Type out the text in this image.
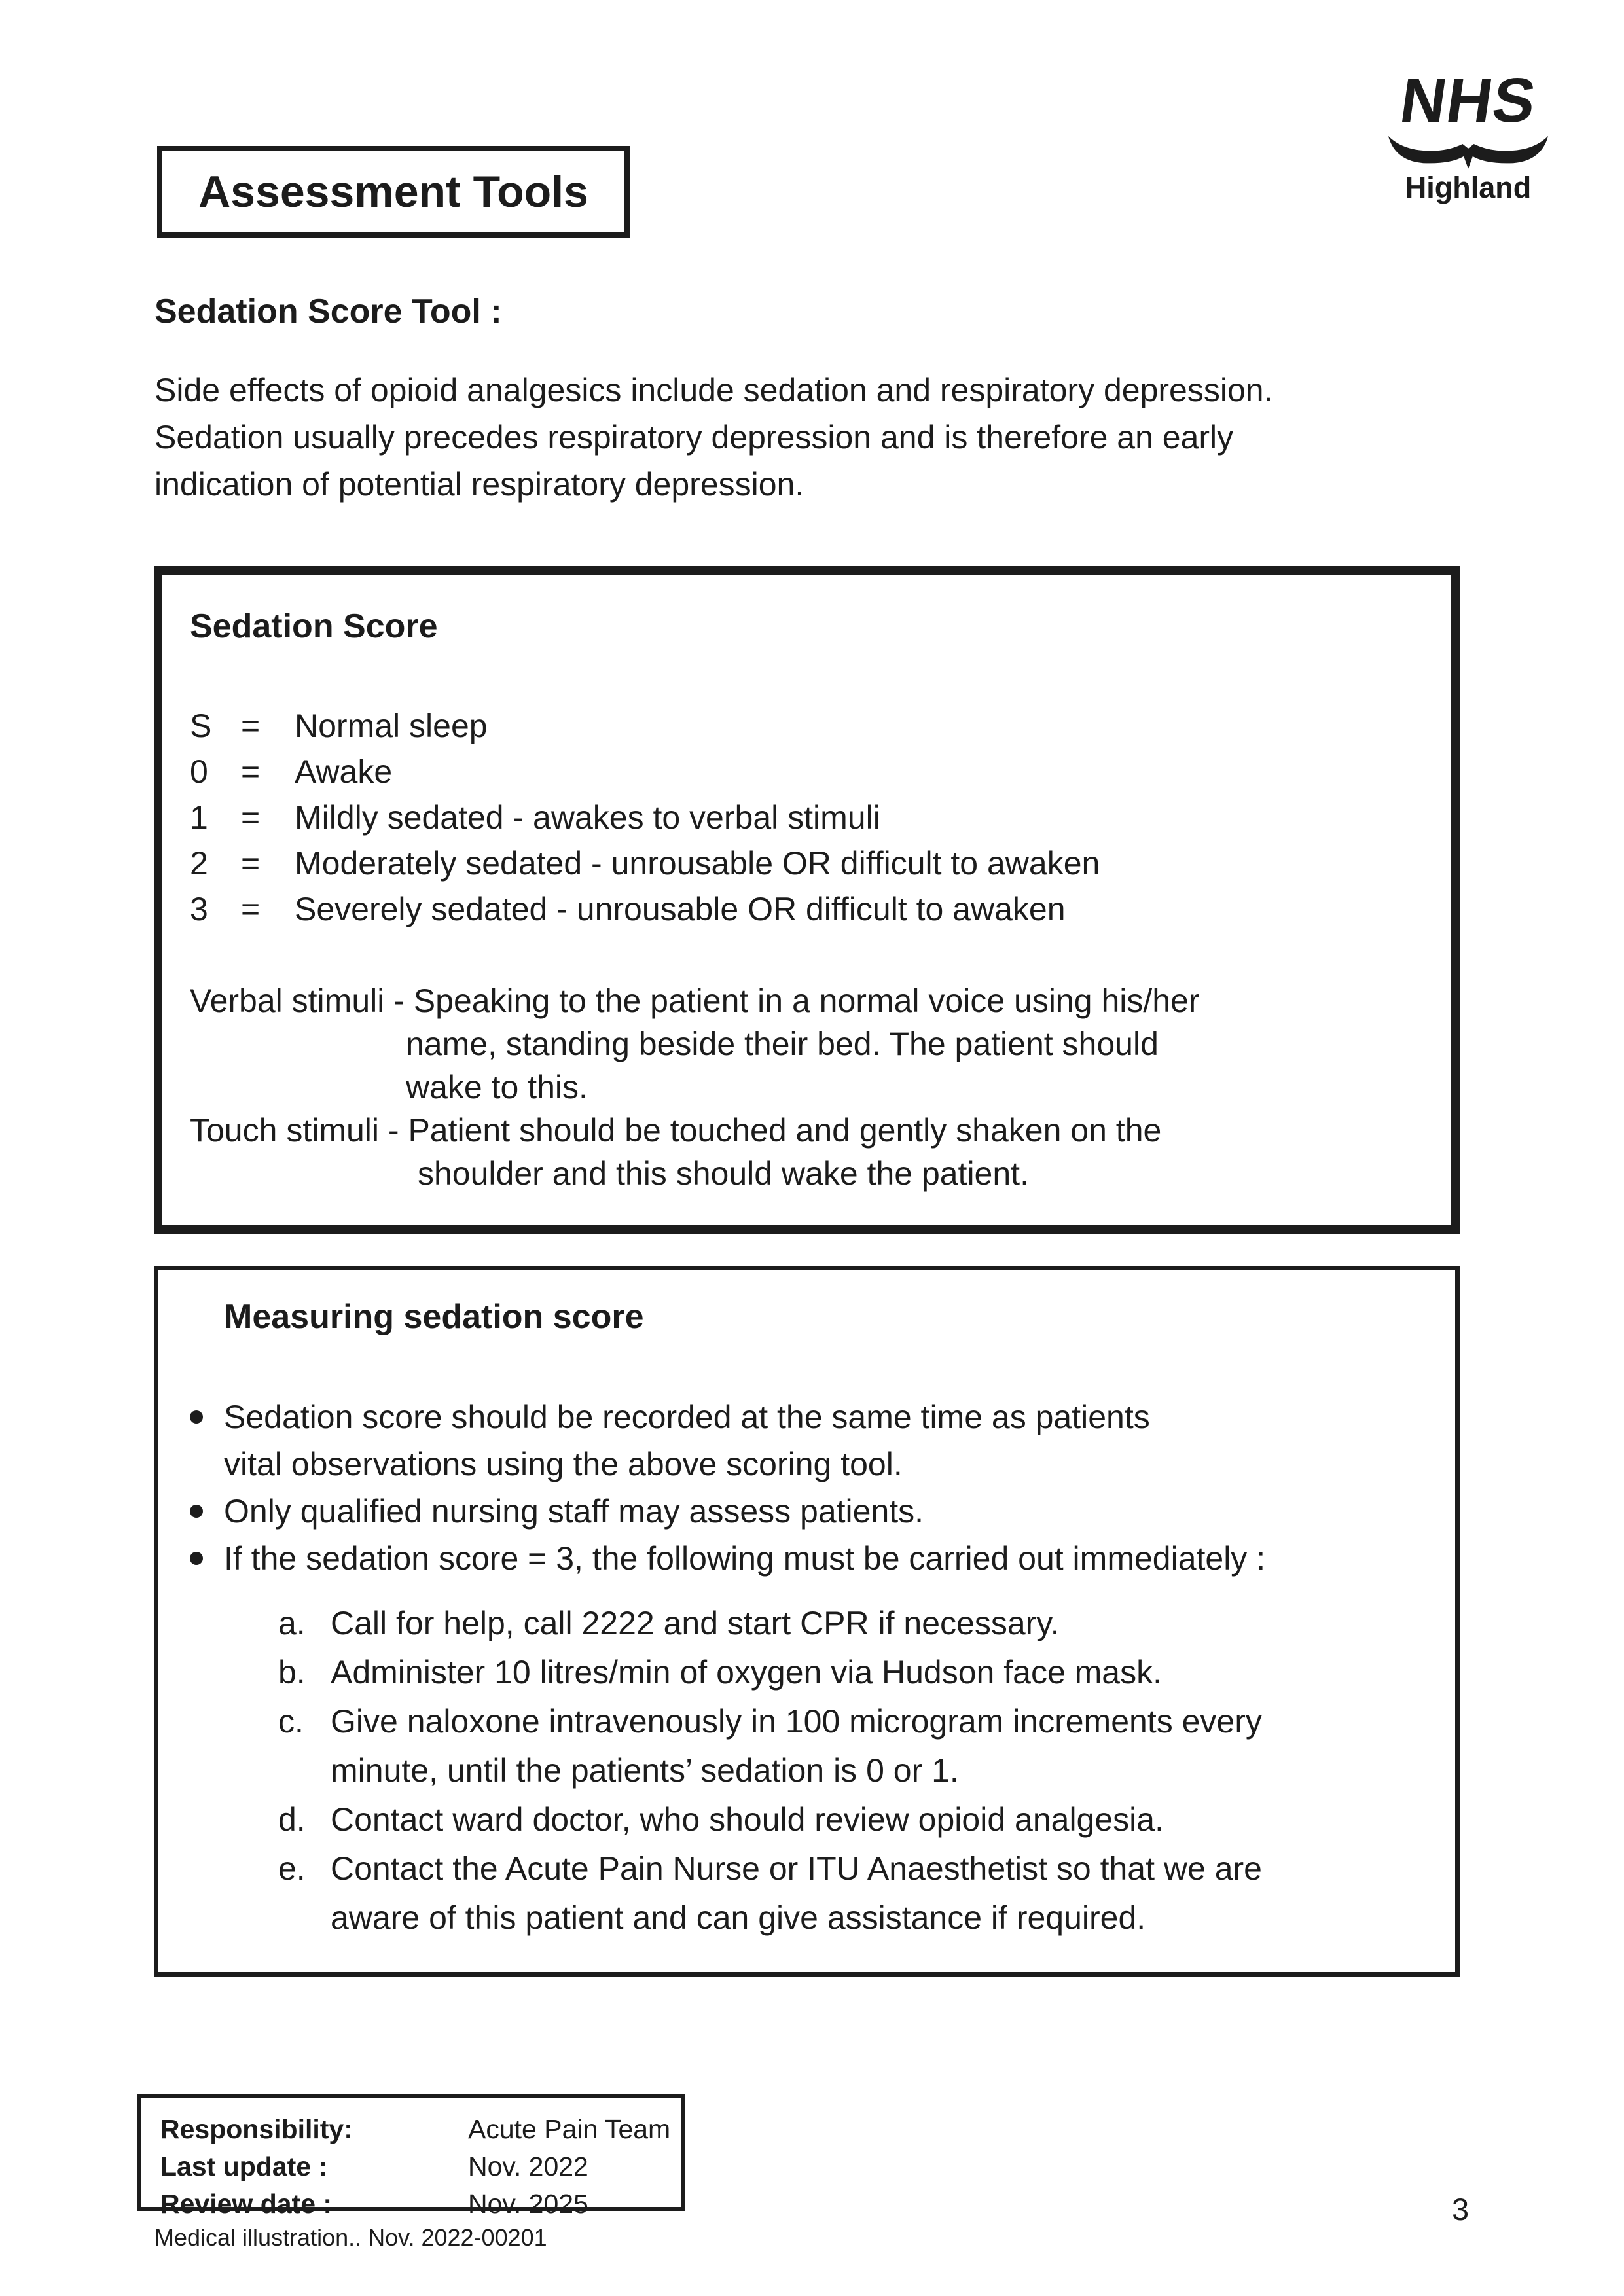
NHS
Highland
Assessment Tools
Sedation Score Tool :
Side effects of opioid analgesics include sedation and respiratory depression.
Sedation usually precedes respiratory depression and is therefore an early
indication of potential respiratory depression.
Sedation Score
S =	Normal sleep
0	=	Awake
1	=	Mildly sedated - awakes to verbal stimuli
2	=	Moderately sedated - unrousable OR difficult to awaken
3	=	Severely sedated - unrousable OR difficult to awaken
Verbal stimuli - Speaking to the patient in a normal voice using his/her
name, standing beside their bed. The patient should
wake to this.
Touch stimuli - Patient should be touched and gently shaken on the
shoulder and this should wake the patient.
Measuring sedation score
Sedation score should be recorded at the same time as patients
vital observations using the above scoring tool.
Only qualified nursing staff may assess patients.
If the sedation score = 3, the following must be carried out immediately :
a. Call for help, call 2222 and start CPR if necessary.
b. Administer 10 litres/min of oxygen via Hudson face mask.
c. Give naloxone intravenously in 100 microgram increments every
minute, until the patients’ sedation is 0 or 1.
d. Contact ward doctor, who should review opioid analgesia.
e. Contact the Acute Pain Nurse or ITU Anaesthetist so that we are
aware of this patient and can give assistance if required.
Responsibility:	Acute Pain Team
Last update :	Nov. 2022
Review date :	Nov. 2025
Medical illustration.. Nov. 2022-00201
3
